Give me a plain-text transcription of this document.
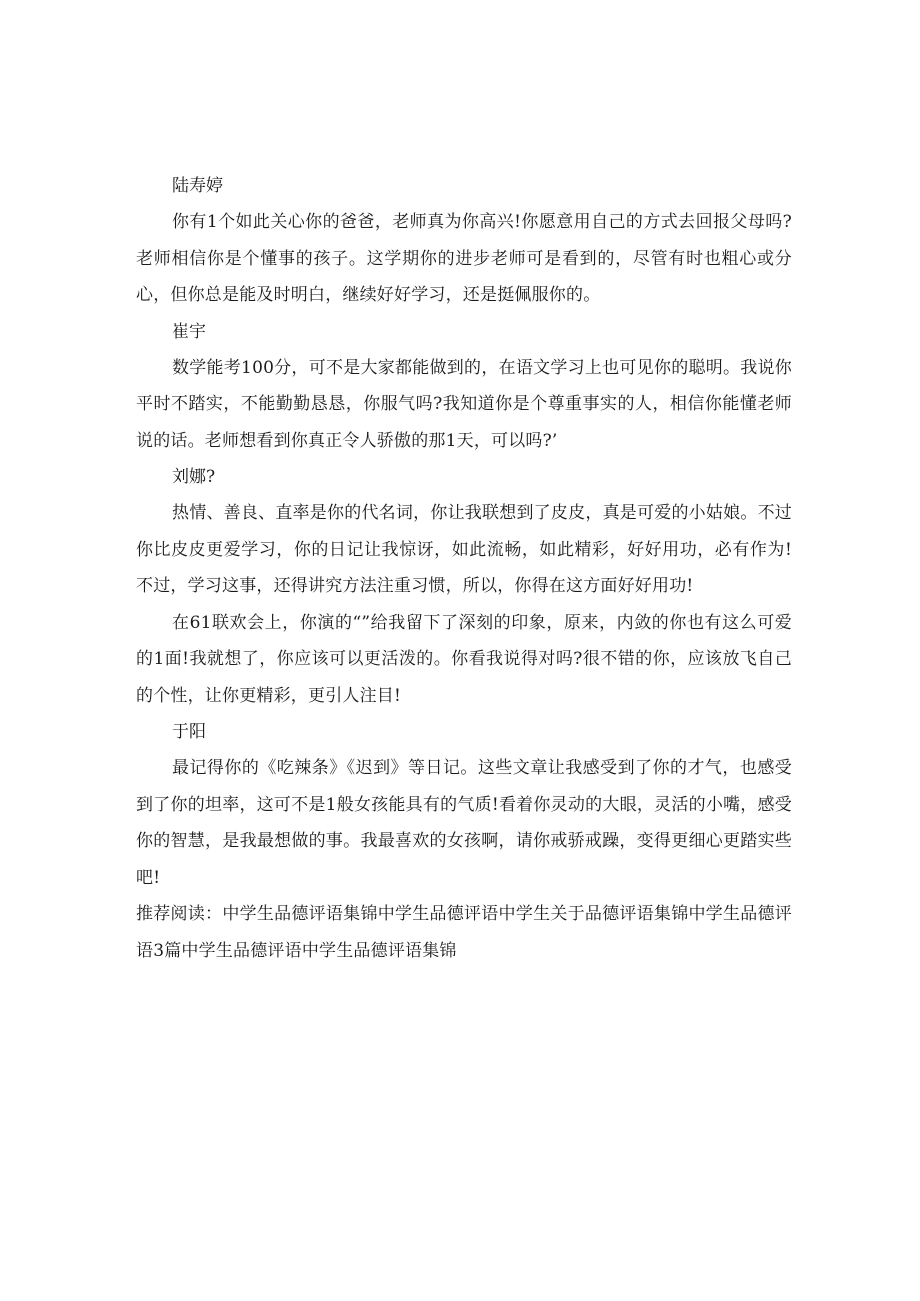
陆寿婷

你有1个如此关心你的爸爸，老师真为你高兴!你愿意用自己的方式去回报父母吗?老师相信你是个懂事的孩子。这学期你的进步老师可是看到的，尽管有时也粗心或分心，但你总是能及时明白，继续好好学习，还是挺佩服你的。

崔宇

数学能考100分，可不是大家都能做到的，在语文学习上也可见你的聪明。我说你平时不踏实，不能勤勤恳恳，你服气吗?我知道你是个尊重事实的人，相信你能懂老师说的话。老师想看到你真正令人骄傲的那1天，可以吗?’

刘娜?

热情、善良、直率是你的代名词，你让我联想到了皮皮，真是可爱的小姑娘。不过你比皮皮更爱学习，你的日记让我惊讶，如此流畅，如此精彩，好好用功，必有作为!不过，学习这事，还得讲究方法注重习惯，所以，你得在这方面好好用功!

在61联欢会上，你演的“”给我留下了深刻的印象，原来，内敛的你也有这么可爱的1面!我就想了，你应该可以更活泼的。你看我说得对吗?很不错的你，应该放飞自己的个性，让你更精彩，更引人注目!

于阳

最记得你的《吃辣条》《迟到》等日记。这些文章让我感受到了你的才气，也感受到了你的坦率，这可不是1般女孩能具有的气质!看着你灵动的大眼，灵活的小嘴，感受你的智慧，是我最想做的事。我最喜欢的女孩啊，请你戒骄戒躁，变得更细心更踏实些吧!

推荐阅读：中学生品德评语集锦中学生品德评语中学生关于品德评语集锦中学生品德评语3篇中学生品德评语中学生品德评语集锦
